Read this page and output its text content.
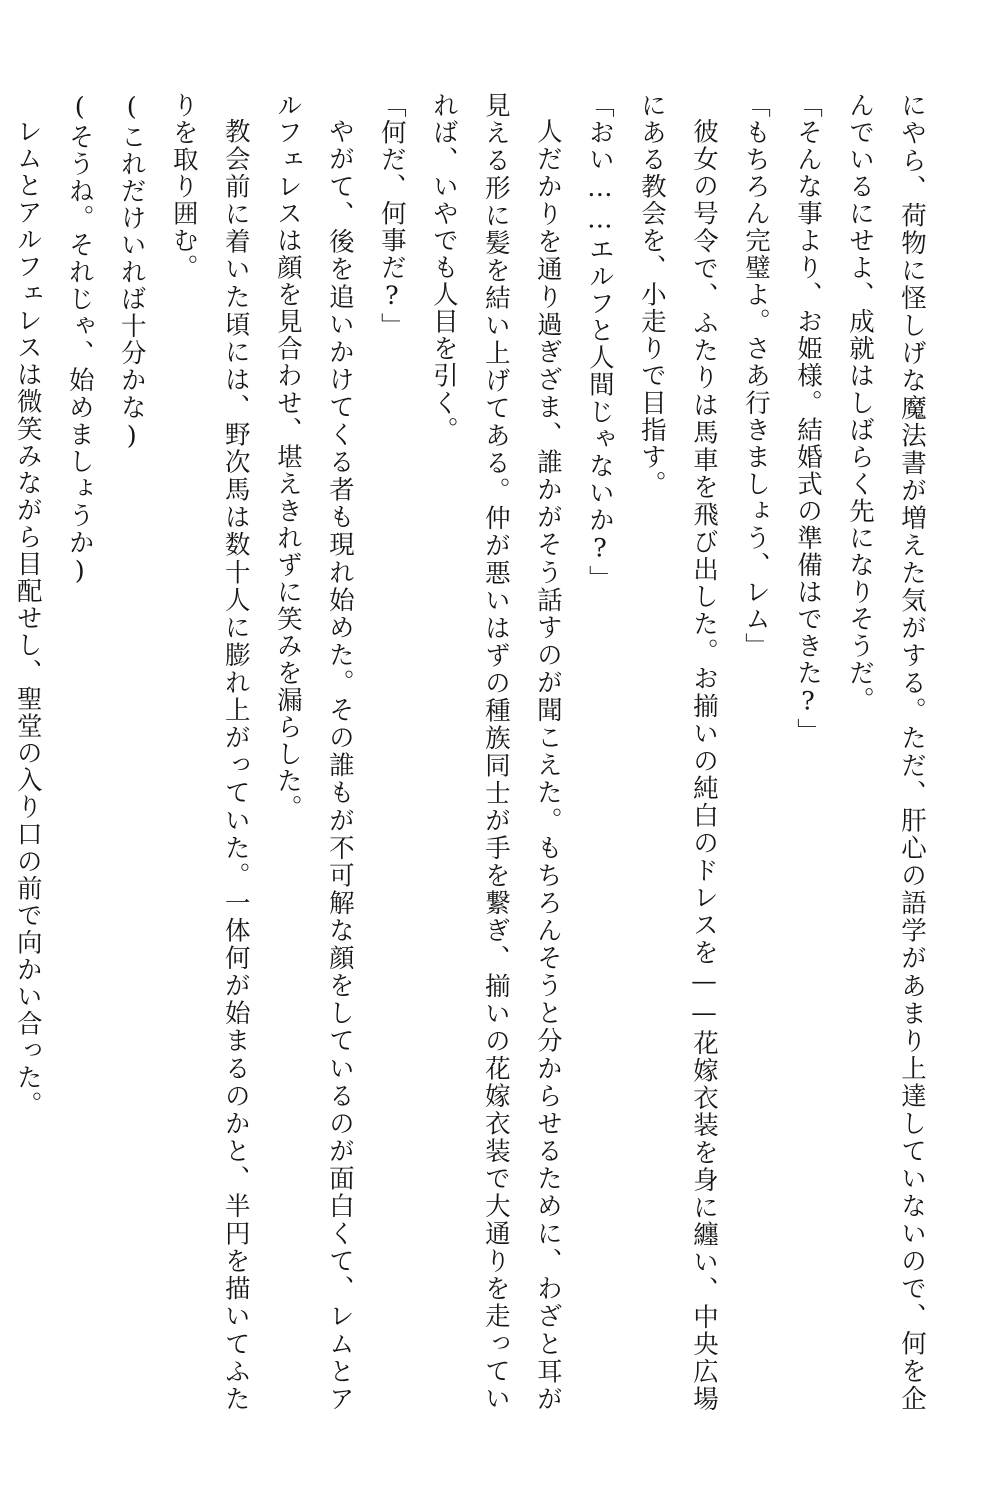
にやら、荷物に怪しげな魔法書が増えた気がする。ただ、肝心の語学があまり上達していないので、何を企んでいるにせよ、成就はしばらく先になりそうだ。

「そんな事より、お姫様。結婚式の準備はできた?」

「もちろん完璧よ。さあ行きましょう、レム」

彼女の号令で、ふたりは馬車を飛び出した。お揃いの純白のドレスを——花嫁衣装を身に纏い、中央広場にある教会を、小走りで目指す。

「おい……エルフと人間じゃないか?」

人だかりを通り過ぎざま、誰かがそう話すのが聞こえた。もちろんそうと分からせるために、わざと耳が見える形に髪を結い上げてある。仲が悪いはずの種族同士が手を繋ぎ、揃いの花嫁衣装で大通りを走っていれば、いやでも人目を引く。

「何だ、何事だ?」

やがて、後を追いかけてくる者も現れ始めた。その誰もが不可解な顔をしているのが面白くて、レムとアルフェレスは顔を見合わせ、堪えきれずに笑みを漏らした。

教会前に着いた頃には、野次馬は数十人に膨れ上がっていた。一体何が始まるのかと、半円を描いてふたりを取り囲む。

(これだけいれば十分かな)

(そうね。それじゃ、始めましょうか)

レムとアルフェレスは微笑みながら目配せし、聖堂の入り口の前で向かい合った。
